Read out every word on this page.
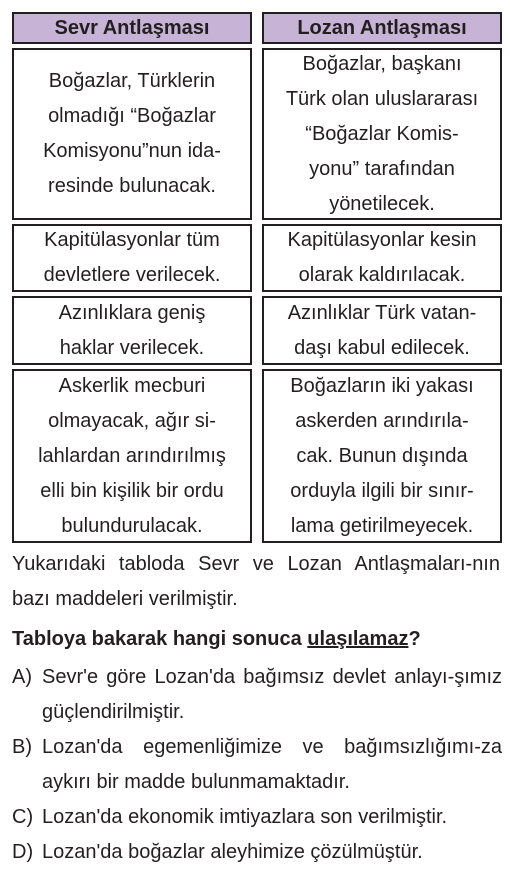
Sevr Antlaşması
Boğazlar, Türklerin
olmadığı “Boğazlar
Komisyonu”nun ida-
resinde bulunacak.
Kapitülasyonlar tüm
devletlere verilecek.
Azınlıklara geniş
haklar verilecek.
Askerlik mecburi
olmayacak, ağır si-
lahlardan arındırılmış
elli bin kişilik bir ordu
bulundurulacak.
Lozan Antlaşması
Boğazlar, başkanı
Türk olan uluslararası
“Boğazlar Komis-
yonu” tarafından
yönetilecek.
Kapitülasyonlar kesin
olarak kaldırılacak.
Azınlıklar Türk vatan-
daşı kabul edilecek.
Boğazların iki yakası
askerden arındırıla-
cak. Bunun dışında
orduyla ilgili bir sınır-
lama getirilmeyecek.
Yukarıdaki tabloda Sevr ve Lozan Antlaşmaları-nın bazı maddeleri verilmiştir.
Tabloya bakarak hangi sonuca ulaşılamaz?
A) Sevr'e göre Lozan'da bağımsız devlet anlayı-şımız güçlendirilmiştir.
B) Lozan'da egemenliğimize ve bağımsızlığımı-za aykırı bir madde bulunmamaktadır.
C) Lozan'da ekonomik imtiyazlara son verilmiştir.
D) Lozan'da boğazlar aleyhimize çözülmüştür.
